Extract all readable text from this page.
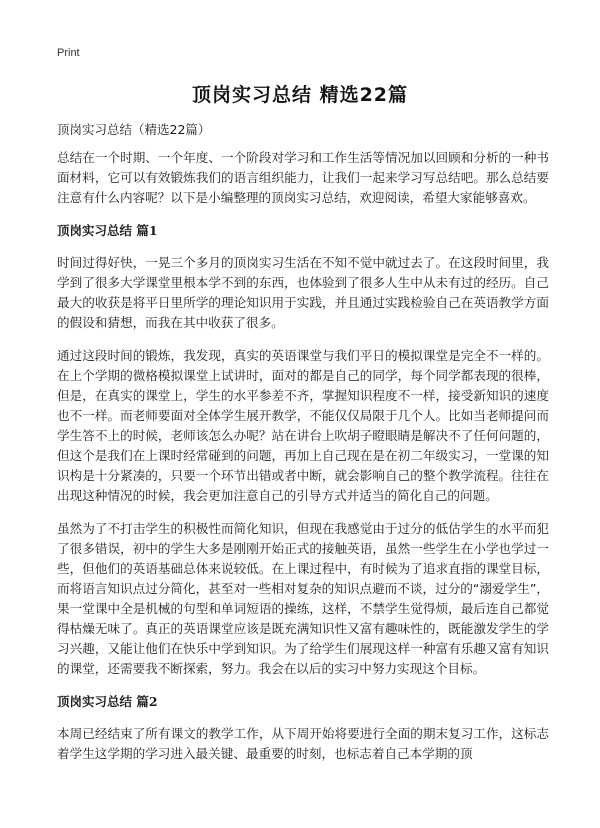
Print
顶岗实习总结 精选22篇

顶岗实习总结（精选22篇）

总结在一个时期、一个年度、一个阶段对学习和工作生活等情况加以回顾和分析的一种书面材料，它可以有效锻炼我们的语言组织能力，让我们一起来学习写总结吧。那么总结要注意有什么内容呢？以下是小编整理的顶岗实习总结，欢迎阅读，希望大家能够喜欢。

顶岗实习总结 篇1

时间过得好快，一晃三个多月的顶岗实习生活在不知不觉中就过去了。在这段时间里，我学到了很多大学课堂里根本学不到的东西，也体验到了很多人生中从未有过的经历。自己最大的收获是将平日里所学的理论知识用于实践，并且通过实践检验自己在英语教学方面的假设和猜想，而我在其中收获了很多。

通过这段时间的锻炼，我发现，真实的英语课堂与我们平日的模拟课堂是完全不一样的。在上个学期的微格模拟课堂上试讲时，面对的都是自己的同学，每个同学都表现的很棒，但是，在真实的课堂上，学生的水平参差不齐，掌握知识程度不一样，接受新知识的速度也不一样。而老师要面对全体学生展开教学，不能仅仅局限于几个人。比如当老师提问而学生答不上的时候，老师该怎么办呢？站在讲台上吹胡子瞪眼睛是解决不了任何问题的，但这个是我们在上课时经常碰到的问题，再加上自己现在是在初二年级实习，一堂课的知识构是十分紧凑的，只要一个环节出错或者中断，就会影响自己的整个教学流程。往往在出现这种情况的时候，我会更加注意自己的引导方式并适当的简化自己的问题。

虽然为了不打击学生的积极性而简化知识，但现在我感觉由于过分的低估学生的水平而犯了很多错误，初中的学生大多是刚刚开始正式的接触英语，虽然一些学生在小学也学过一些，但他们的英语基础总体来说较低。在上课过程中，有时候为了追求直指的课堂目标，而将语言知识点过分简化，甚至对一些相对复杂的知识点避而不谈，过分的“溺爱学生”，果一堂课中全是机械的句型和单词短语的操练，这样，不禁学生觉得烦，最后连自己都觉得枯燥无味了。真正的英语课堂应该是既充满知识性又富有趣味性的，既能激发学生的学习兴趣，又能让他们在快乐中学到知识。为了给学生们展现这样一种富有乐趣又富有知识的课堂，还需要我不断探索，努力。我会在以后的实习中努力实现这个目标。

顶岗实习总结 篇2

本周已经结束了所有课文的教学工作，从下周开始将要进行全面的期末复习工作，这标志着学生这学期的学习进入最关键、最重要的时刻，也标志着自己本学期的顶
